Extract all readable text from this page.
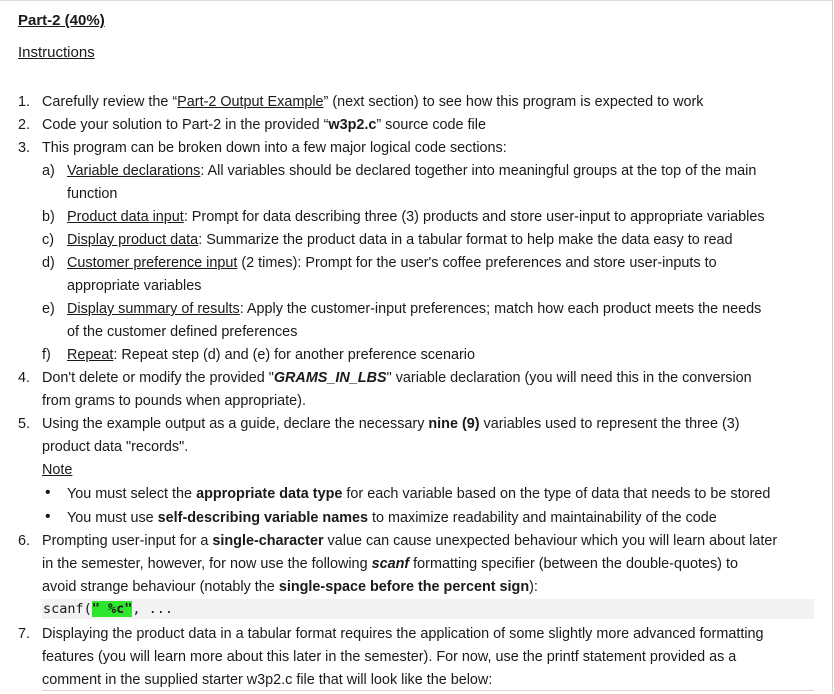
Part-2 (40%)
Instructions
1. Carefully review the “Part-2 Output Example” (next section) to see how this program is expected to work
2. Code your solution to Part-2 in the provided “w3p2.c” source code file
3. This program can be broken down into a few major logical code sections:
a) Variable declarations: All variables should be declared together into meaningful groups at the top of the main
function
b) Product data input: Prompt for data describing three (3) products and store user-input to appropriate variables
c) Display product data: Summarize the product data in a tabular format to help make the data easy to read
d) Customer preference input (2 times): Prompt for the user's coffee preferences and store user-inputs to
appropriate variables
e) Display summary of results: Apply the customer-input preferences; match how each product meets the needs
of the customer defined preferences
f) Repeat: Repeat step (d) and (e) for another preference scenario
4. Don't delete or modify the provided "GRAMS_IN_LBS" variable declaration (you will need this in the conversion
from grams to pounds when appropriate).
5. Using the example output as a guide, declare the necessary nine (9) variables used to represent the three (3)
product data "records".
Note
• You must select the appropriate data type for each variable based on the type of data that needs to be stored
• You must use self-describing variable names to maximize readability and maintainability of the code
6. Prompting user-input for a single-character value can cause unexpected behaviour which you will learn about later
in the semester, however, for now use the following scanf formatting specifier (between the double-quotes) to
avoid strange behaviour (notably the single-space before the percent sign):
scanf(" %c", ...
7. Displaying the product data in a tabular format requires the application of some slightly more advanced formatting
features (you will learn more about this later in the semester). For now, use the printf statement provided as a
comment in the supplied starter w3p2.c file that will look like the below:
